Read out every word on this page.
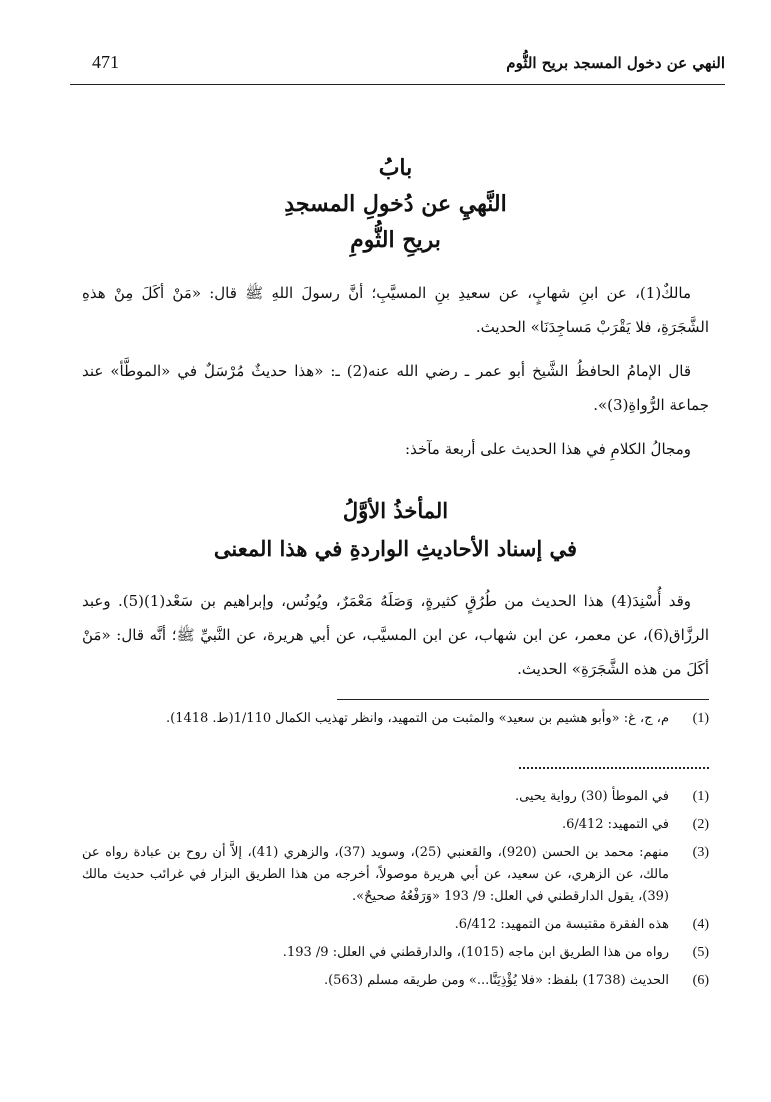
471	النهي عن دخول المسجد بريح الثُّوم
بابُ
النَّهيِ عن دُخولِ المسجدِ
بريحِ الثُّومِ

مالكٌ(1)، عن ابنِ شهابٍ، عن سعيدِ بنِ المسيَّبِ؛ أنَّ رسولَ اللهِ ﷺ قال: «مَنْ أكَلَ مِنْ هذهِ الشَّجَرَةِ، فلا يَقْرَبْ مَساجِدَنَا» الحديث.

قال الإمامُ الحافظُ الشَّيخ أبو عمر ـ رضي الله عنه(2) ـ: «هذا حديثٌ مُرْسَلٌ في «الموطَّأ» عند جماعة الرُّواةِ(3)».

ومجالُ الكلامِ في هذا الحديث على أربعة مآخذ:

المأخذُ الأوَّلُ
في إسناد الأحاديثِ الواردةِ في هذا المعنى

وقد أُسْنِدَ(4) هذا الحديث من طُرُقٍ كثيرةٍ، وَصَلَهُ مَعْمَرٌ، ويُونُس، وإبراهيم بن سَعْد(1)(5). وعبد الرزَّاق(6)، عن معمر، عن ابن شهاب، عن ابن المسيَّب، عن أبي هريرة، عن النَّبيِّ ﷺ؛ أنَّه قال: «مَنْ أكَلَ من هذه الشَّجَرَةِ» الحديث.

(1)
م، ج، غ: «وأبو هشيم بن سعيد» والمثبت من التمهيد، وانظر تهذيب الكمال 1/110(ط. 1418).
(1)
في الموطأ (30) رواية يحيى.
(2)
في التمهيد: 6/412.
(3)
منهم: محمد بن الحسن (920)، والقعنبي (25)، وسويد (37)، والزهري (41)، إلاَّ أن روح بن عبادة رواه عن مالك، عن الزهري، عن سعيد، عن أبي هريرة موصولاً، أخرجه من هذا الطريق البزار في غرائب حديث مالك (39)، يقول الدارقطني في العلل: 9/ 193 «وَرَفْعُهُ صحيحٌ».
(4)
هذه الفقرة مقتبسة من التمهيد: 6/412.
(5)
رواه من هذا الطريق ابن ماجه (1015)، والدارقطني في العلل: 9/ 193.
(6)
الحديث (1738) بلفظ: «فلا يُؤْذِيَنَّا...» ومن طريقه مسلم (563).
